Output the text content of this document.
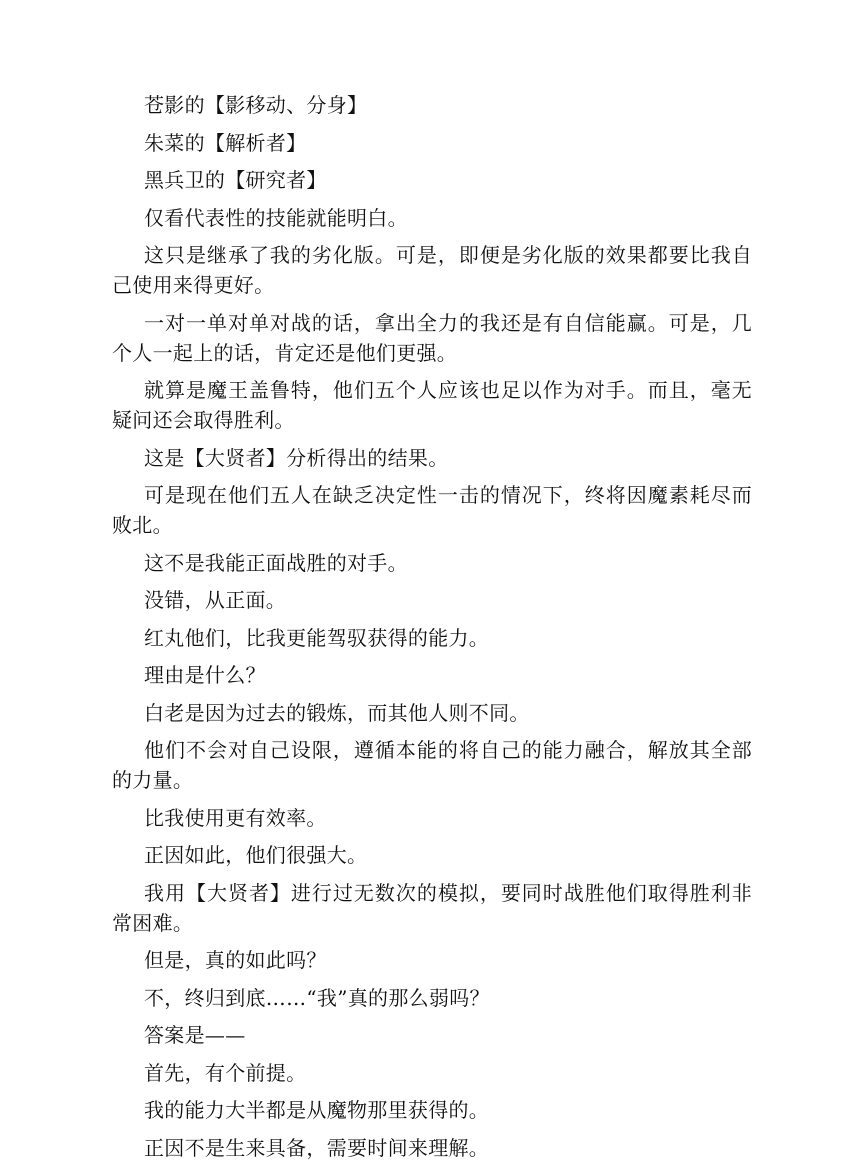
苍影的【影移动、分身】

朱菜的【解析者】

黑兵卫的【研究者】

仅看代表性的技能就能明白。

这只是继承了我的劣化版。可是，即便是劣化版的效果都要比我自己使用来得更好。

一对一单对单对战的话，拿出全力的我还是有自信能赢。可是，几个人一起上的话，肯定还是他们更强。

就算是魔王盖鲁特，他们五个人应该也足以作为对手。而且，毫无疑问还会取得胜利。

这是【大贤者】分析得出的结果。

可是现在他们五人在缺乏决定性一击的情况下，终将因魔素耗尽而败北。

这不是我能正面战胜的对手。

没错，从正面。

红丸他们，比我更能驾驭获得的能力。

理由是什么？

白老是因为过去的锻炼，而其他人则不同。

他们不会对自己设限，遵循本能的将自己的能力融合，解放其全部的力量。

比我使用更有效率。

正因如此，他们很强大。

我用【大贤者】进行过无数次的模拟，要同时战胜他们取得胜利非常困难。

但是，真的如此吗？

不，终归到底……“我”真的那么弱吗？

答案是——

首先，有个前提。

我的能力大半都是从魔物那里获得的。

正因不是生来具备，需要时间来理解。
